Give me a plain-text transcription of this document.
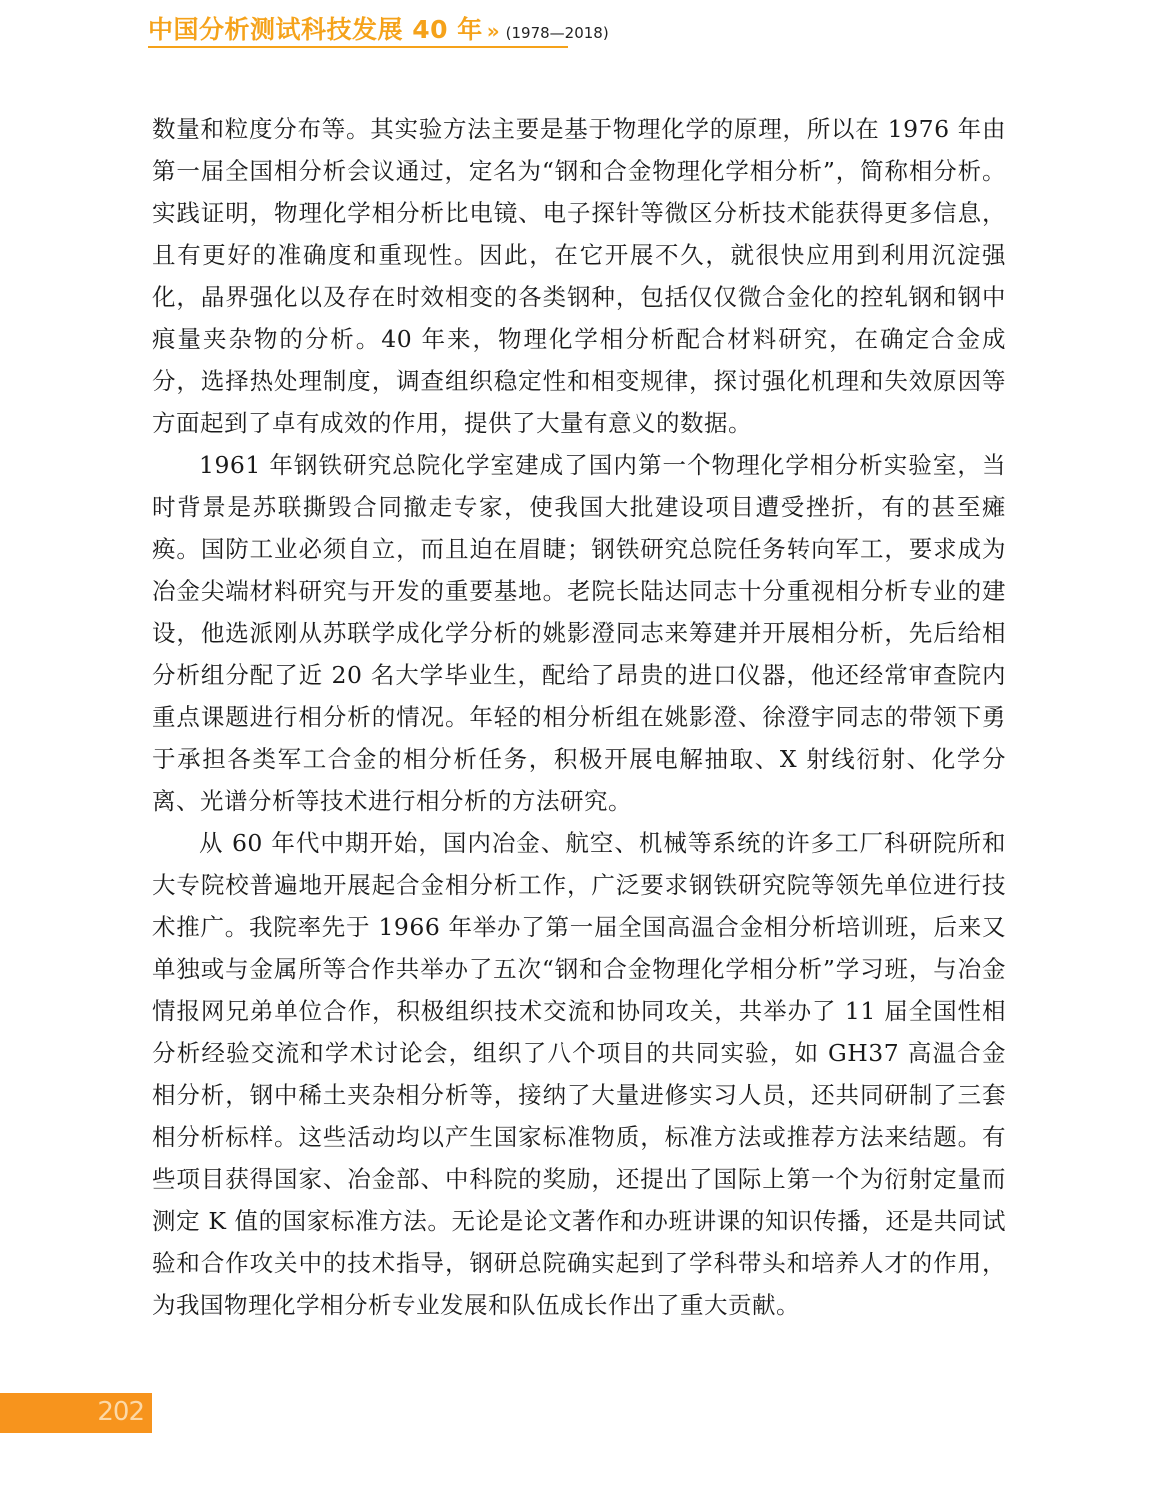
中国分析测试科技发展 40 年 » (1978—2018)

数量和粒度分布等。其实验方法主要是基于物理化学的原理，所以在 1976 年由第一届全国相分析会议通过，定名为“钢和合金物理化学相分析”，简称相分析。实践证明，物理化学相分析比电镜、电子探针等微区分析技术能获得更多信息，且有更好的准确度和重现性。因此，在它开展不久，就很快应用到利用沉淀强化，晶界强化以及存在时效相变的各类钢种，包括仅仅微合金化的控轧钢和钢中痕量夹杂物的分析。40 年来，物理化学相分析配合材料研究，在确定合金成分，选择热处理制度，调查组织稳定性和相变规律，探讨强化机理和失效原因等方面起到了卓有成效的作用，提供了大量有意义的数据。

1961 年钢铁研究总院化学室建成了国内第一个物理化学相分析实验室，当时背景是苏联撕毁合同撤走专家，使我国大批建设项目遭受挫折，有的甚至瘫痪。国防工业必须自立，而且迫在眉睫；钢铁研究总院任务转向军工，要求成为冶金尖端材料研究与开发的重要基地。老院长陆达同志十分重视相分析专业的建设，他选派刚从苏联学成化学分析的姚影澄同志来筹建并开展相分析，先后给相分析组分配了近 20 名大学毕业生，配给了昂贵的进口仪器，他还经常审查院内重点课题进行相分析的情况。年轻的相分析组在姚影澄、徐澄宇同志的带领下勇于承担各类军工合金的相分析任务，积极开展电解抽取、X 射线衍射、化学分离、光谱分析等技术进行相分析的方法研究。

从 60 年代中期开始，国内冶金、航空、机械等系统的许多工厂科研院所和大专院校普遍地开展起合金相分析工作，广泛要求钢铁研究院等领先单位进行技术推广。我院率先于 1966 年举办了第一届全国高温合金相分析培训班，后来又单独或与金属所等合作共举办了五次“钢和合金物理化学相分析”学习班，与冶金情报网兄弟单位合作，积极组织技术交流和协同攻关，共举办了 11 届全国性相分析经验交流和学术讨论会，组织了八个项目的共同实验，如 GH37 高温合金相分析，钢中稀土夹杂相分析等，接纳了大量进修实习人员，还共同研制了三套相分析标样。这些活动均以产生国家标准物质，标准方法或推荐方法来结题。有些项目获得国家、冶金部、中科院的奖励，还提出了国际上第一个为衍射定量而测定 K 值的国家标准方法。无论是论文著作和办班讲课的知识传播，还是共同试验和合作攻关中的技术指导，钢研总院确实起到了学科带头和培养人才的作用，为我国物理化学相分析专业发展和队伍成长作出了重大贡献。

202
